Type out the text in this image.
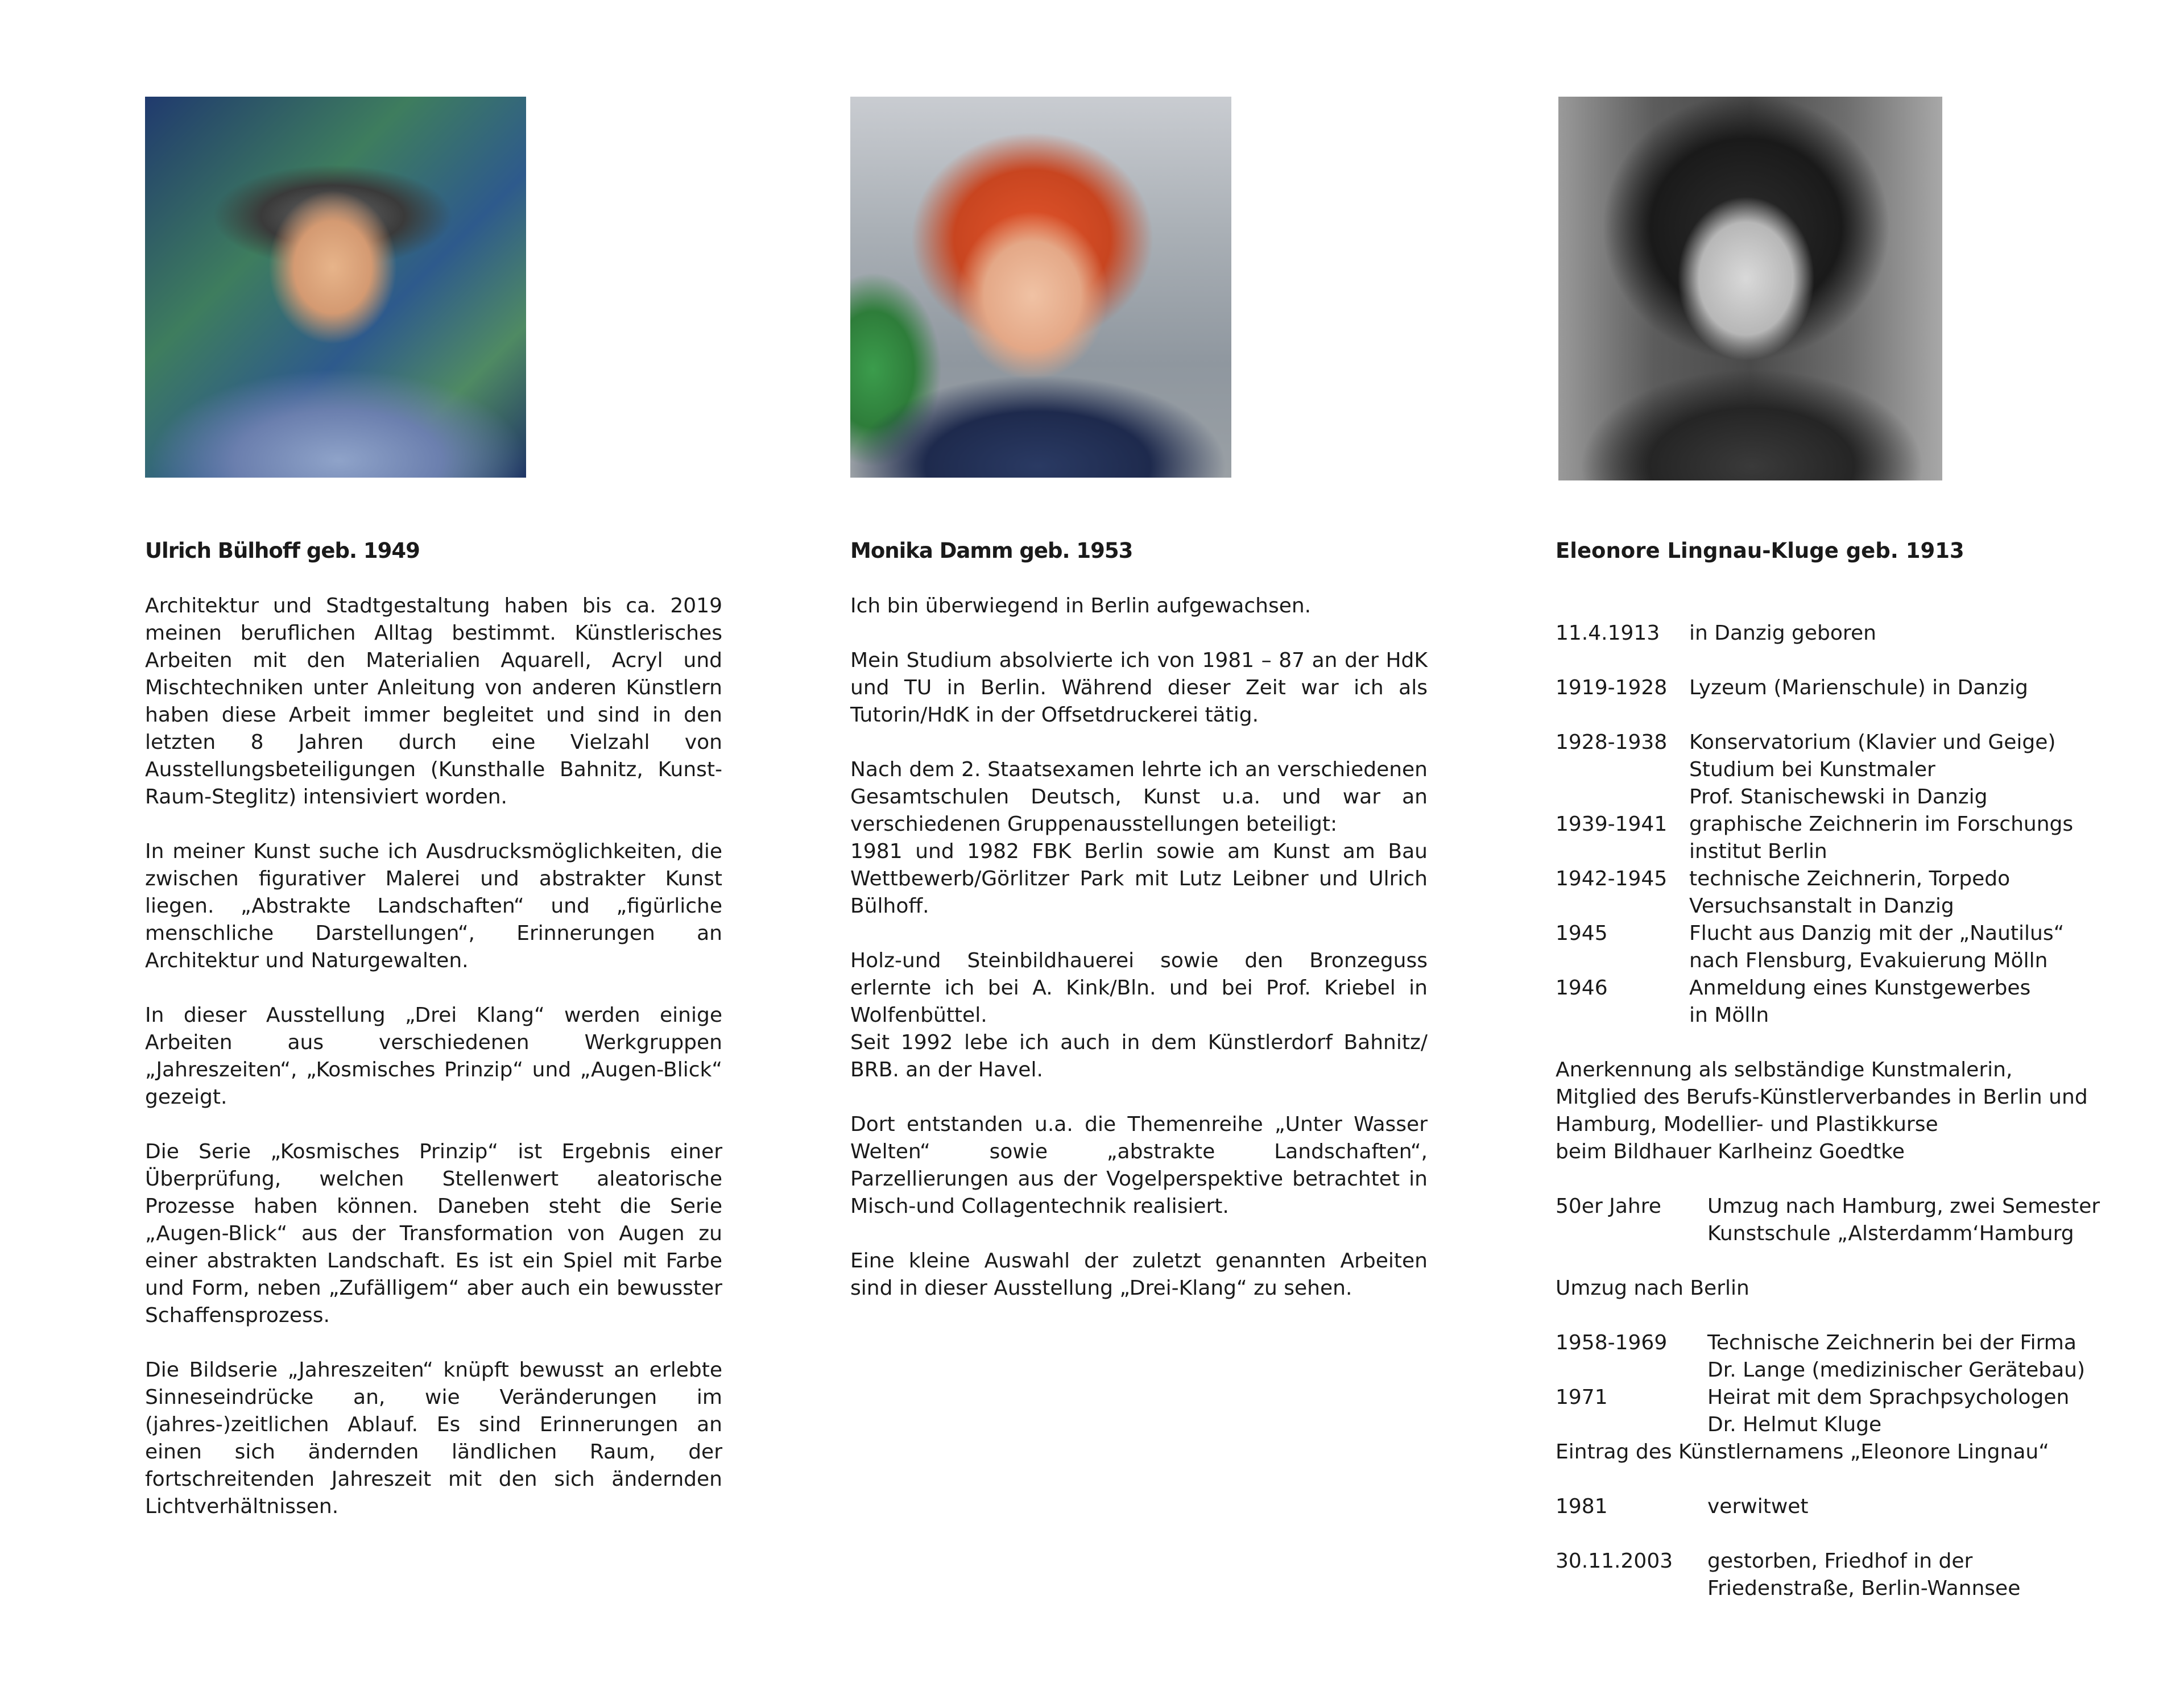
Ulrich Bülhoff geb. 1949

Architektur und Stadtgestaltung haben bis ca. 2019 meinen beruflichen Alltag bestimmt. Künstlerisches Arbeiten mit den Materialien Aquarell, Acryl und Mischtechniken unter Anleitung von anderen Künstlern haben diese Arbeit immer begleitet und sind in den letzten 8 Jahren durch eine Vielzahl von Ausstellungsbeteiligungen (Kunsthalle Bahnitz, Kunst-Raum-Steglitz) intensiviert worden.

In meiner Kunst suche ich Ausdrucksmöglichkeiten, die zwischen figurativer Malerei und abstrakter Kunst liegen. „Abstrakte Landschaften“ und „figürliche menschliche Darstellungen“, Erinnerungen an Architektur und Naturgewalten.

In dieser Ausstellung „Drei Klang“ werden einige Arbeiten aus verschiedenen Werkgruppen „Jahreszeiten“, „Kosmisches Prinzip“ und „Augen-Blick“ gezeigt.

Die Serie „Kosmisches Prinzip“ ist Ergebnis einer Überprüfung, welchen Stellenwert aleatorische Prozesse haben können. Daneben steht die Serie „Augen-Blick“ aus der Transformation von Augen zu einer abstrakten Landschaft. Es ist ein Spiel mit Farbe und Form, neben „Zufälligem“ aber auch ein bewusster Schaffensprozess.

Die Bildserie „Jahreszeiten“ knüpft bewusst an erlebte Sinneseindrücke an, wie Veränderungen im (jahres-)zeitlichen Ablauf. Es sind Erinnerungen an einen sich ändernden ländlichen Raum, der fortschreitenden Jahreszeit mit den sich ändernden Lichtverhältnissen.

Monika Damm geb. 1953

Ich bin überwiegend in Berlin aufgewachsen.

Mein Studium absolvierte ich von 1981 – 87 an der HdK und TU in Berlin. Während dieser Zeit war ich als Tutorin/HdK in der Offsetdruckerei tätig.

Nach dem 2. Staatsexamen lehrte ich an verschiedenen Gesamtschulen Deutsch, Kunst u.a. und war an verschiedenen Gruppenausstellungen beteiligt:

1981 und 1982 FBK Berlin sowie am Kunst am Bau Wettbewerb/Görlitzer Park mit Lutz Leibner und Ulrich Bülhoff.

Holz-und Steinbildhauerei sowie den Bronzeguss erlernte ich bei A. Kink/Bln. und bei Prof. Kriebel in Wolfenbüttel.

Seit 1992 lebe ich auch in dem Künstlerdorf Bahnitz/ BRB. an der Havel.

Dort entstanden u.a. die Themenreihe „Unter Wasser Welten“ sowie „abstrakte Landschaften“, Parzellierungen aus der Vogelperspektive betrachtet in Misch-und Collagentechnik realisiert.

Eine kleine Auswahl der zuletzt genannten Arbeiten sind in dieser Ausstellung „Drei-Klang“ zu sehen.

Eleonore Lingnau-Kluge geb. 1913
11.4.1913	in Danzig geboren
1919-1928	Lyzeum (Marienschule) in Danzig
1928-1938	Konservatorium (Klavier und Geige)
Studium bei Kunstmaler
Prof. Stanischewski in Danzig
1939-1941	graphische Zeichnerin im Forschungs
institut Berlin
1942-1945	technische Zeichnerin, Torpedo
Versuchsanstalt in Danzig
1945	Flucht aus Danzig mit der „Nautilus“
nach Flensburg, Evakuierung Mölln
1946	Anmeldung eines Kunstgewerbes
in Mölln
Anerkennung als selbständige Kunstmalerin,
Mitglied des Berufs-Künstlerverbandes in Berlin und
Hamburg, Modellier- und Plastikkurse
beim Bildhauer Karlheinz Goedtke
50er Jahre	Umzug nach Hamburg, zwei Semester
Kunstschule „Alsterdamm‘Hamburg
Umzug nach Berlin
1958-1969	Technische Zeichnerin bei der Firma
Dr. Lange (medizinischer Gerätebau)
1971	Heirat mit dem Sprachpsychologen
Dr. Helmut Kluge
Eintrag des Künstlernamens „Eleonore Lingnau“
1981	verwitwet
30.11.2003	gestorben, Friedhof in der
Friedenstraße, Berlin-Wannsee
